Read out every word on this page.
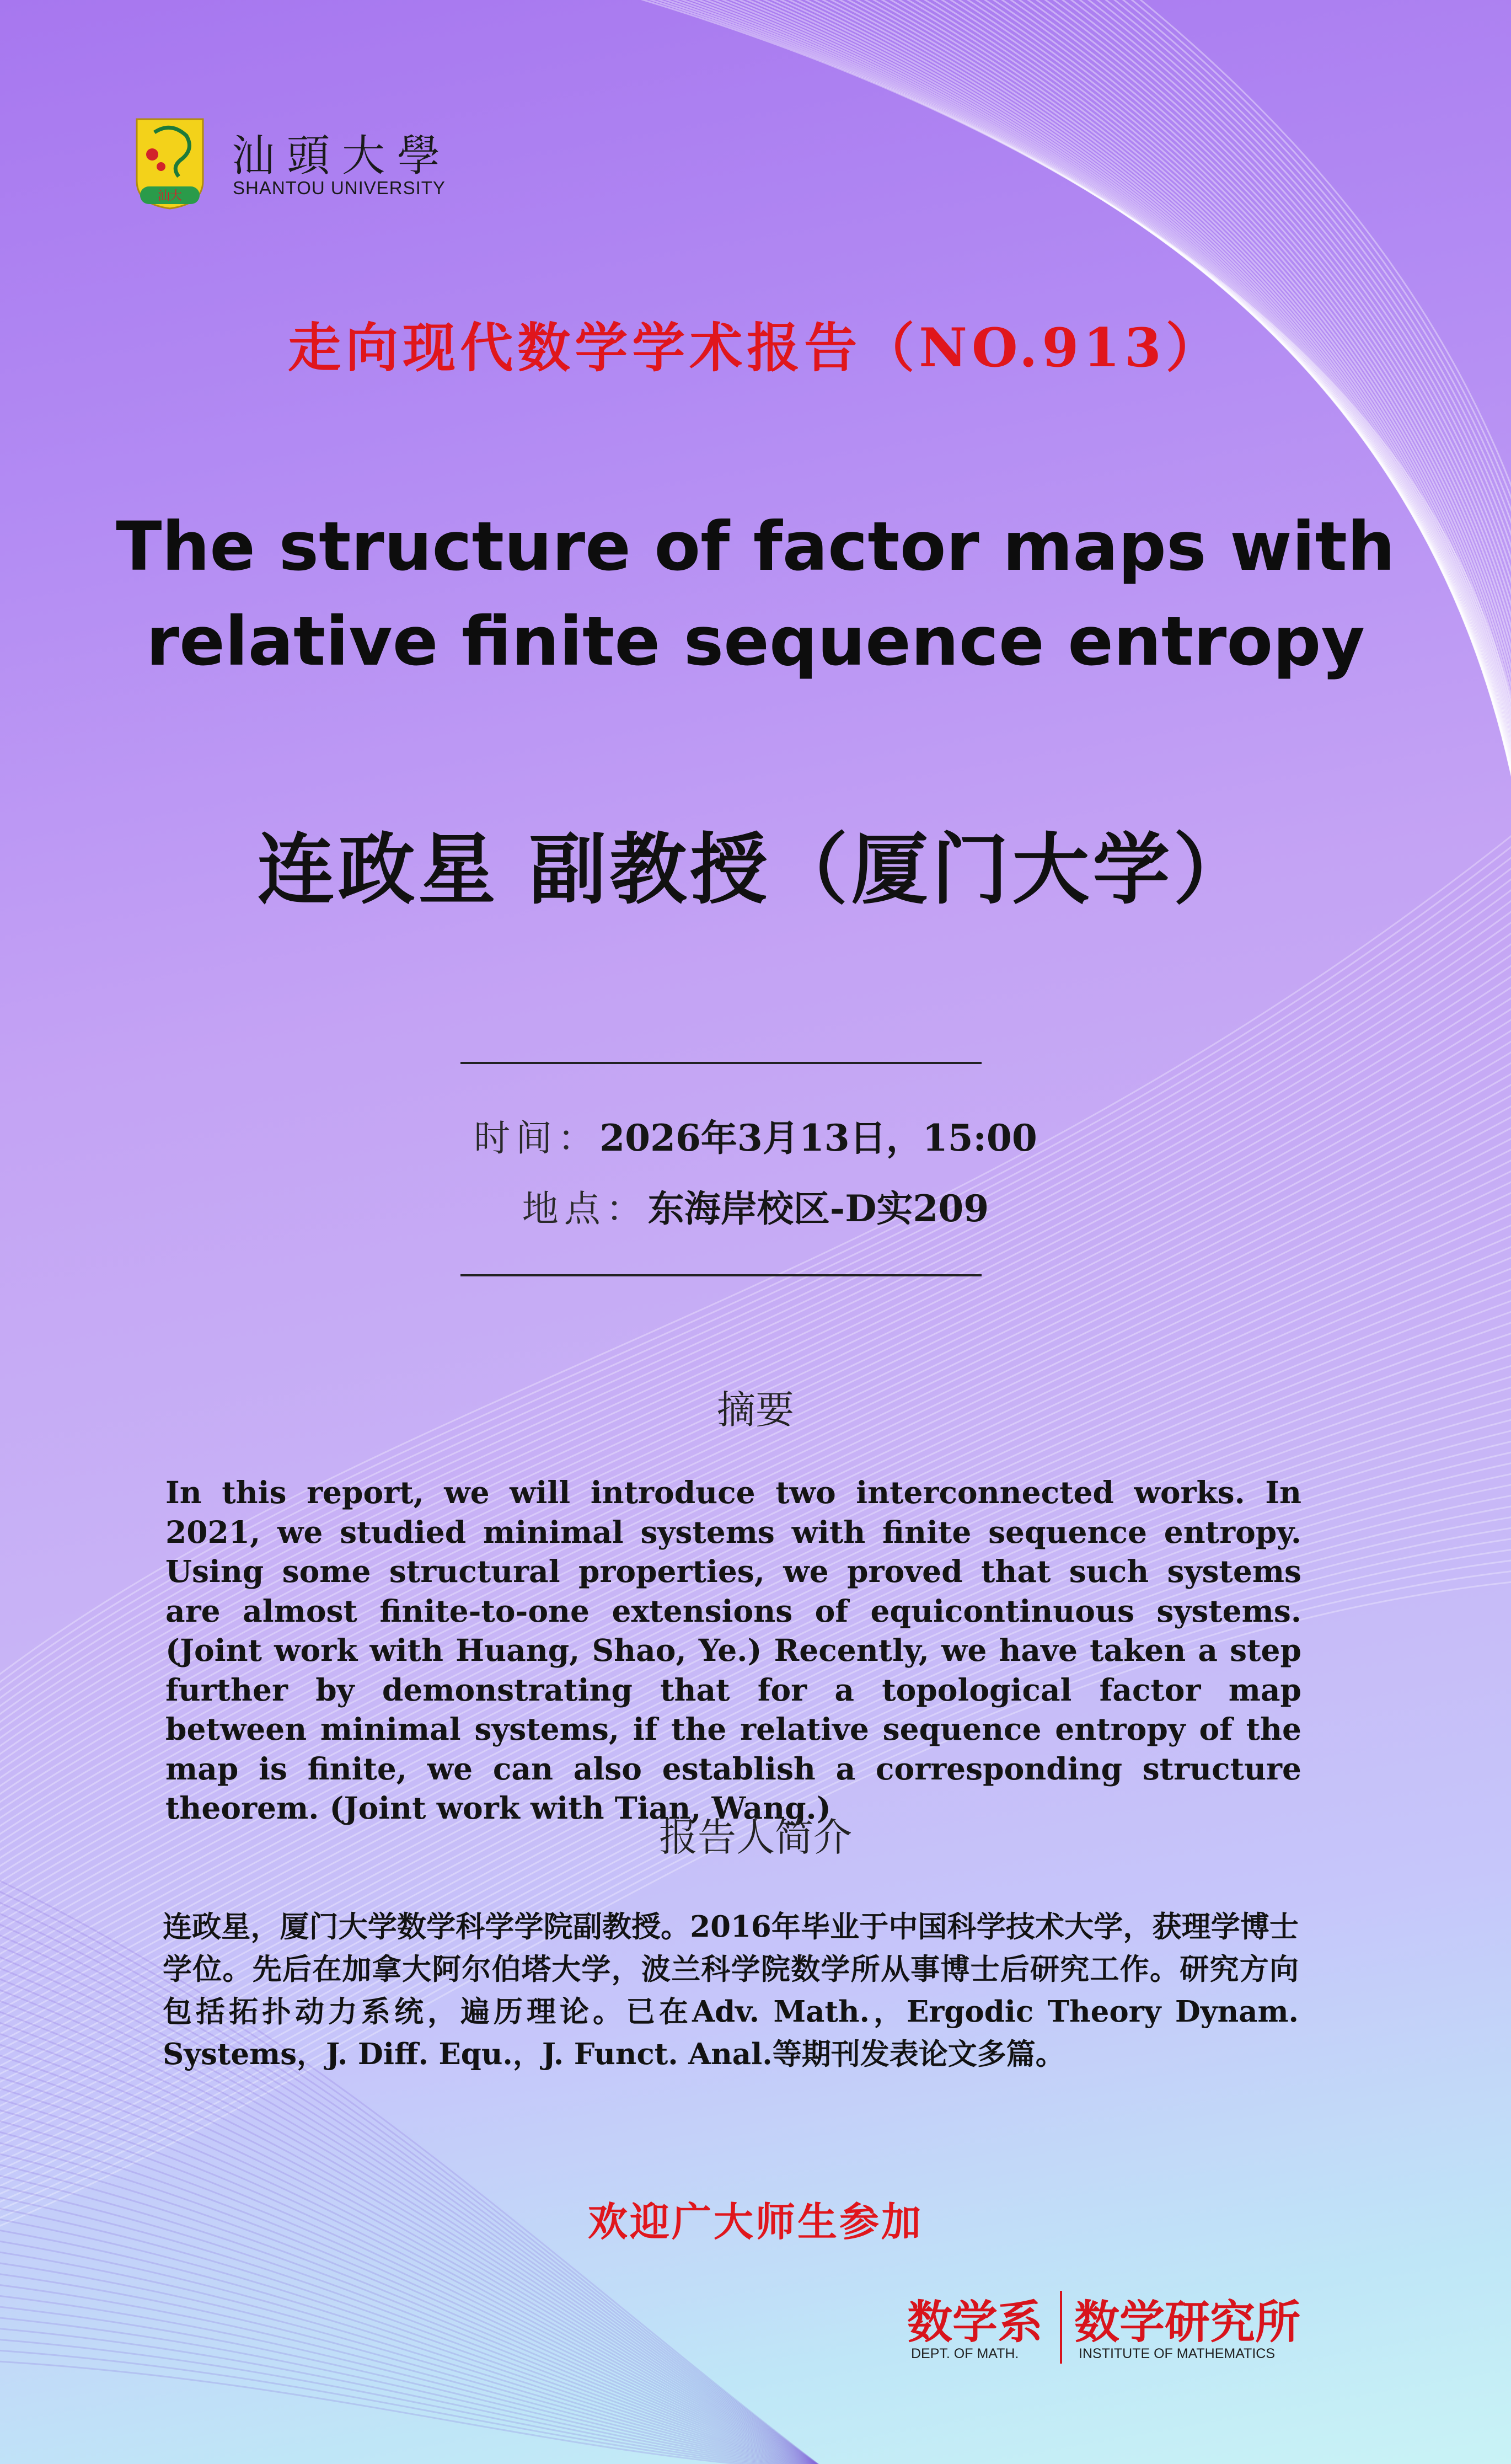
汕大
汕頭大學
SHANTOU UNIVERSITY
走向现代数学学术报告（NO.913）
The structure of factor maps with
relative finite sequence entropy
连政星 副教授（厦门大学）
时间：2026年3月13日，15:00
地点：东海岸校区-D实209
摘要

In this report, we will introduce two interconnected works. In 2021, we studied minimal systems with finite sequence entropy. Using some structural properties, we proved that such systems are almost finite-to-one extensions of equicontinuous systems. (Joint work with Huang, Shao, Ye.) Recently, we have taken a step further by demonstrating that for a topological factor map between minimal systems, if the relative sequence entropy of the map is finite, we can also establish a corresponding structure theorem. (Joint work with Tian, Wang.)

报告人简介

连政星，厦门大学数学科学学院副教授。2016年毕业于中国科学技术大学，获理学博士学位。先后在加拿大阿尔伯塔大学，波兰科学院数学所从事博士后研究工作。研究方向包括拓扑动力系统，遍历理论。已在Adv. Math.，Ergodic Theory Dynam. Systems，J. Diff. Equ.，J. Funct. Anal.等期刊发表论文多篇。

欢迎广大师生参加
数学系 数学研究所
DEPT. OF MATH.	INSTITUTE OF MATHEMATICS
